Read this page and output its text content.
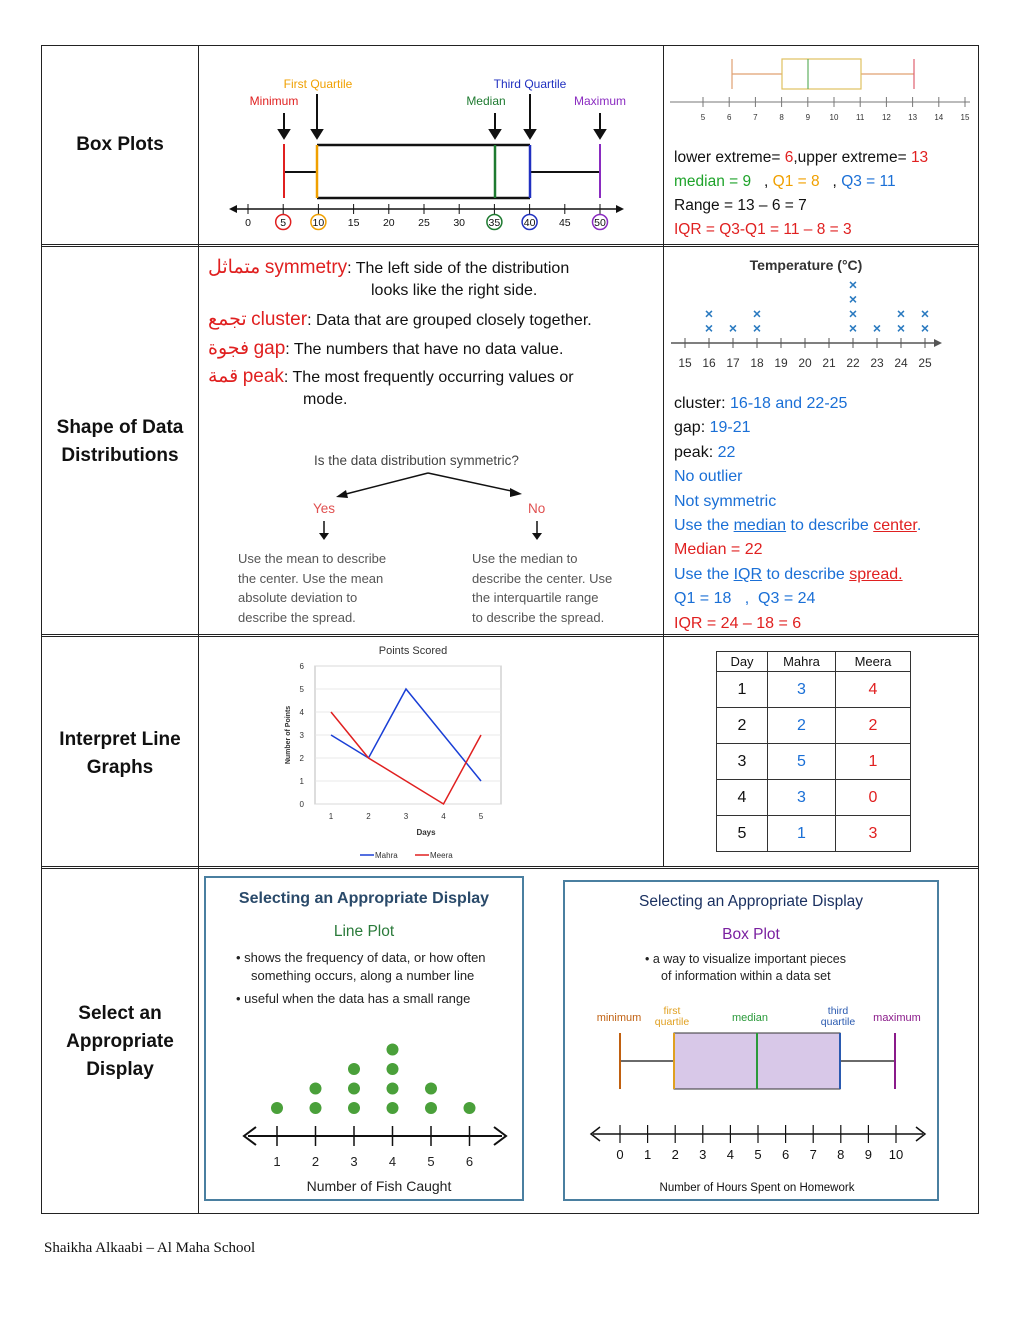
Box Plots
Shape of Data
Distributions
Interpret Line
Graphs
Select an
Appropriate
Display
First Quartile	Third Quartile
Minimum	Median	Maximum
0	5	10 15 20 25 30 35 40 45 50
5	6	7	8	9 10 11 12 13 14 15
lower extreme= 6,upper extreme= 13
median = 9   , Q1 = 8   , Q3 = 11
Range = 13 – 6 = 7
IQR = Q3-Q1 = 11 – 8 = 3
متماثل symmetry: The left side of the distribution
looks like the right side.
تجمع cluster: Data that are grouped closely together.
فجوة gap: The numbers that have no data value.
قمة peak: The most frequently occurring values or
mode.
Is the data distribution symmetric?
Yes	No
Use the mean to describe
the center. Use the mean
absolute deviation to
describe the spread.
Use the median to
describe the center. Use
the interquartile range
to describe the spread.
Temperature (°C)
15 16 17 18 19 20 21 22 23 24 25
×
×
× ×
×
×
×
×
×
× ×
×
×
×
cluster: 16-18 and 22-25
gap: 19-21
peak: 22
No outlier
Not symmetric
Use the median to describe center.
Median = 22
Use the IQR to describe spread.
Q1 = 18   ,  Q3 = 24
IQR = 24 – 18 = 6
Points Scored
Number of Points
Days
0
1
2
3
4
5
6
1	2	3	4	5
Mahra	Meera
Day	Mahra	Meera
1	3	4
2	2	2
3	5	1
4	3	0
5	1	3
Selecting an Appropriate Display
Line Plot
• shows the frequency of data, or how often
something occurs, along a number line
• useful when the data has a small range
1 2 3 4 5 6
Number of Fish Caught
Selecting an Appropriate Display
Box Plot
• a way to visualize important pieces
of information within a data set
minimum
first
quartile	median
third
quartile maximum
0 1 2 3 4 5 6 7 8 9 10
Number of Hours Spent on Homework
Shaikha Alkaabi – Al Maha School
